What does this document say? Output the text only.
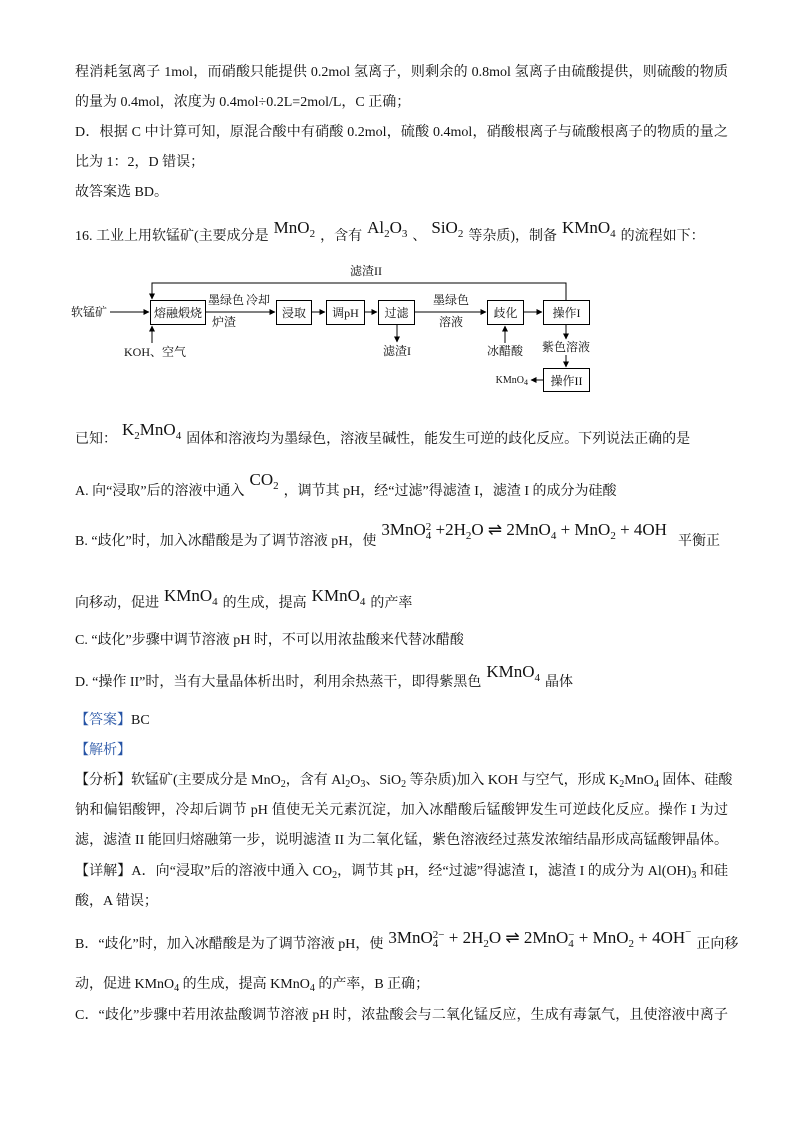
程消耗氢离子 1mol，而硝酸只能提供 0.2mol 氢离子，则剩余的 0.8mol 氢离子由硫酸提供，则硫酸的物质
的量为 0.4mol，浓度为 0.4mol÷0.2L=2mol/L，C 正确；
D．根据 C 中计算可知，原混合酸中有硝酸 0.2mol，硫酸 0.4mol，硝酸根离子与硫酸根离子的物质的量之
比为 1：2，D 错误；
故答案选 BD。
16. 工业上用软锰矿(主要成分是 MnO$^2$ ，含有 $Al^2O^3$ 、 SiO$^2$ 等杂质)，制备 KMnO$^4$ 的流程如下：
滤渣II
软锰矿
KOH、空气
熔融煅烧
墨绿色
炉渣
冷却
浸取 调pH 过滤
滤渣I
墨绿色
溶液
歧化
冰醋酸
操作I
紫色溶液
操作II
KMnO$_4$
已知：$K^2MnO^4$ 固体和溶液均为墨绿色，溶液呈碱性，能发生可逆的歧化反应。下列说法正确的是
A. 向“浸取”后的溶液中通入$CO^2$ ，调节其 pH，经“过滤”得滤渣 I，滤渣 I 的成分为硅酸
B. “歧化”时，加入冰醋酸是为了调节溶液 pH，使3MnO 2
$4 +2H^2O$ ⇌ 2MnO$^4$ + MnO$^2$ + 4OH平衡正
向移动，促进 KMnO4 的生成，提高 KMnO4 的产率
C. “歧化”步骤中调节溶液 pH 时，不可以用浓盐酸来代替冰醋酸
D. “操作 II”时，当有大量晶体析出时，利用余热蒸干，即得紫黑色KMnO$^4$ 晶体
【答案】BC
【解析】
【分析】软锰矿(主要成分是 MnO$_2$，含有 $Al_2O_3$、SiO$_2$ 等杂质)加入 KOH 与空气，形成 $K_2MnO_4$ 固体、硅酸
钠和偏铝酸钾，冷却后调节 pH 值使无关元素沉淀，加入冰醋酸后锰酸钾发生可逆歧化反应。操作 I 为过
滤，滤渣 II 能回归熔融第一步，说明滤渣 II 为二氧化锰，紫色溶液经过蒸发浓缩结晶形成高锰酸钾晶体。
【详解】A．向“浸取”后的溶液中通入 $CO_2$，调节其 pH，经“过滤”得滤渣 I，滤渣 I 的成分为 $Al(OH)_3$ 和硅
酸，A 错误；
B．“歧化”时，加入冰醋酸是为了调节溶液 pH，使 3MnO 2−
4 + 2H2O ⇌ 2MnO −
4 + MnO2 + 4OH−正向移
动，促进 KMnO$_4$ 的生成，提高 KMnO$_4$ 的产率，B 正确；
C．“歧化”步骤中若用浓盐酸调节溶液 pH 时，浓盐酸会与二氧化锰反应，生成有毒氯气，且使溶液中离子
